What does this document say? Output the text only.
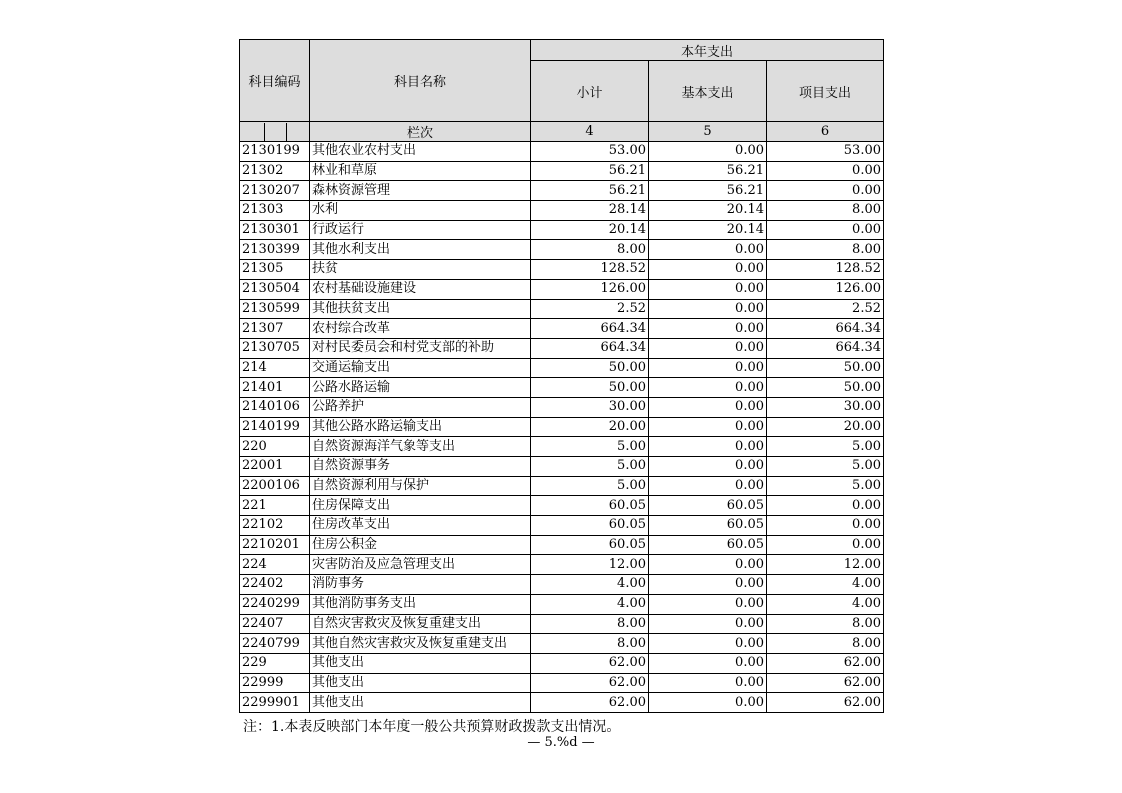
科目编码	科目名称	本年支出		
		小计	基本支出	项目支出

	栏次	4	5	6
2130199	其他农业农村支出	53.00	0.00	53.00
21302	林业和草原	56.21	56.21	0.00
2130207	森林资源管理	56.21	56.21	0.00
21303	水利	28.14	20.14	8.00
2130301	行政运行	20.14	20.14	0.00
2130399	其他水利支出	8.00	0.00	8.00
21305	扶贫	128.52	0.00	128.52
2130504	农村基础设施建设	126.00	0.00	126.00
2130599	其他扶贫支出	2.52	0.00	2.52
21307	农村综合改革	664.34	0.00	664.34
2130705	对村民委员会和村党支部的补助	664.34	0.00	664.34
214	交通运输支出	50.00	0.00	50.00
21401	公路水路运输	50.00	0.00	50.00
2140106	公路养护	30.00	0.00	30.00
2140199	其他公路水路运输支出	20.00	0.00	20.00
220	自然资源海洋气象等支出	5.00	0.00	5.00
22001	自然资源事务	5.00	0.00	5.00
2200106	自然资源利用与保护	5.00	0.00	5.00
221	住房保障支出	60.05	60.05	0.00
22102	住房改革支出	60.05	60.05	0.00
2210201	住房公积金	60.05	60.05	0.00
224	灾害防治及应急管理支出	12.00	0.00	12.00
22402	消防事务	4.00	0.00	4.00
2240299	其他消防事务支出	4.00	0.00	4.00
22407	自然灾害救灾及恢复重建支出	8.00	0.00	8.00
2240799	其他自然灾害救灾及恢复重建支出	8.00	0.00	8.00
229	其他支出	62.00	0.00	62.00
22999	其他支出	62.00	0.00	62.00
2299901	其他支出	62.00	0.00	62.00
注：1.本表反映部门本年度一般公共预算财政拨款支出情况。
— 5.%d —
